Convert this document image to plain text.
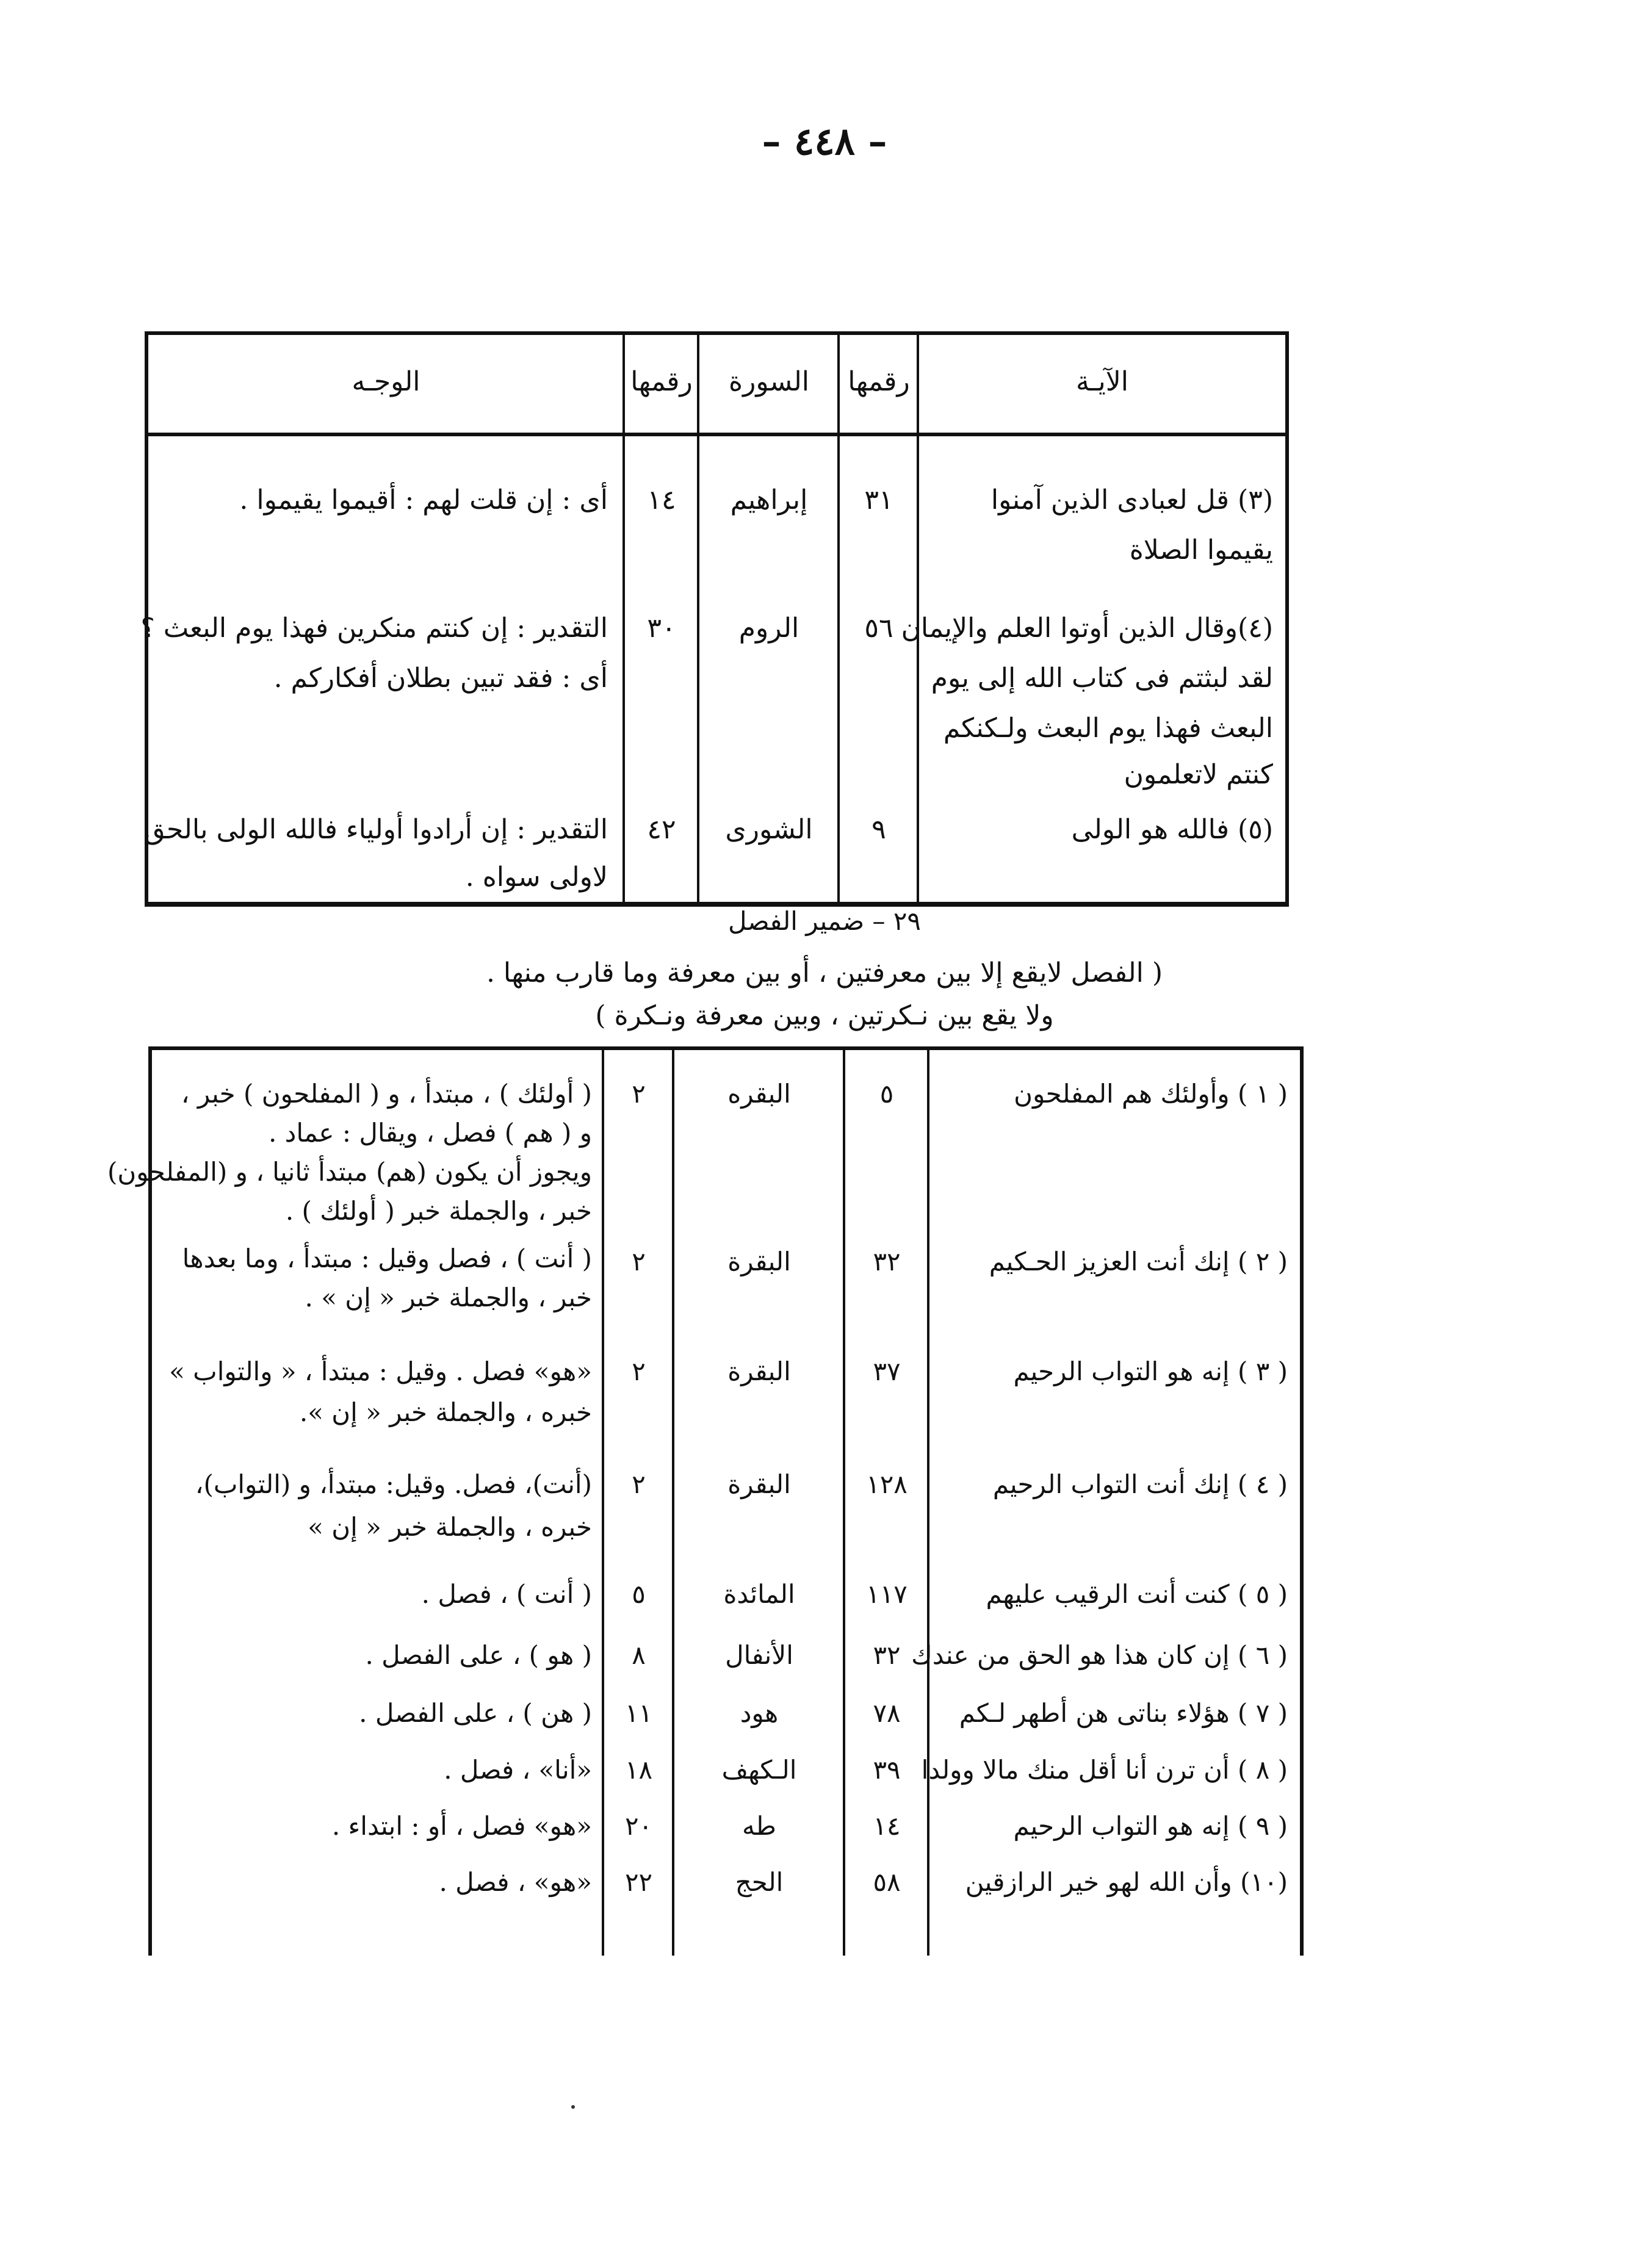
– ٤٤٨ –
الآيـة
رقمها
السورة
رقمها
الوجـه
(٣) قل لعبادى الذين آمنوا
يقيموا الصلاة
٣١
إبراهيم
١٤
أى : إن قلت لهم : أقيموا يقيموا .
(٤)وقال الذين أوتوا العلم والإيمان
لقد لبثتم فى كتاب الله إلى يوم
البعث فهذا يوم البعث ولـكنكم
كنتم لاتعلمون
٥٦
الروم
٣٠
التقدير : إن كنتم منكرين فهذا يوم البعث ؟
أى : فقد تبين بطلان أفكاركم .
(٥) فالله هو الولى
٩
الشورى
٤٢
التقدير : إن أرادوا أولياء فالله الولى بالحق
لاولى سواه .
٢٩ – ضمير الفصل
( الفصل لايقع إلا بين معرفتين ، أو بين معرفة وما قارب منها .
ولا يقع بين نـكرتين ، وبين معرفة ونـكرة )
( ١ ) وأولئك هم المفلحون
٥
البقره
٢
( أولئك ) ، مبتدأ ، و ( المفلحون ) خبر ،
و ( هم ) فصل ، ويقال : عماد .
ويجوز أن يكون (هم) مبتدأ ثانيا ، و (المفلحون)
خبر ، والجملة خبر ( أولئك ) .
( ٢ ) إنك أنت العزيز الحـكيم
٣٢
البقرة
٢
( أنت ) ، فصل وقيل : مبتدأ ، وما بعدها
خبر ، والجملة خبر « إن » .
( ٣ ) إنه هو التواب الرحيم
٣٧
البقرة
٢
«هو» فصل . وقيل : مبتدأ ، « والتواب »
خبره ، والجملة خبر « إن ».
( ٤ ) إنك أنت التواب الرحيم
١٢٨
البقرة
٢
(أنت)، فصل. وقيل: مبتدأ، و (التواب)،
خبره ، والجملة خبر « إن »
( ٥ ) كنت أنت الرقيب عليهم
١١٧
المائدة
٥
( أنت ) ، فصل .
( ٦ ) إن كان هذا هو الحق من عندك
٣٢
الأنفال
٨
( هو ) ، على الفصل .
( ٧ ) هؤلاء بناتى هن أطهر لـكم
٧٨
هود
١١
( هن ) ، على الفصل .
( ٨ ) أن ترن أنا أقل منك مالا وولدا
٣٩
الـكهف
١٨
«أنا» ، فصل .
( ٩ ) إنه هو التواب الرحيم
١٤
طه
٢٠
«هو» فصل ، أو : ابتداء .
(١٠) وأن الله لهو خير الرازقين
٥٨
الحج
٢٢
«هو» ، فصل .
